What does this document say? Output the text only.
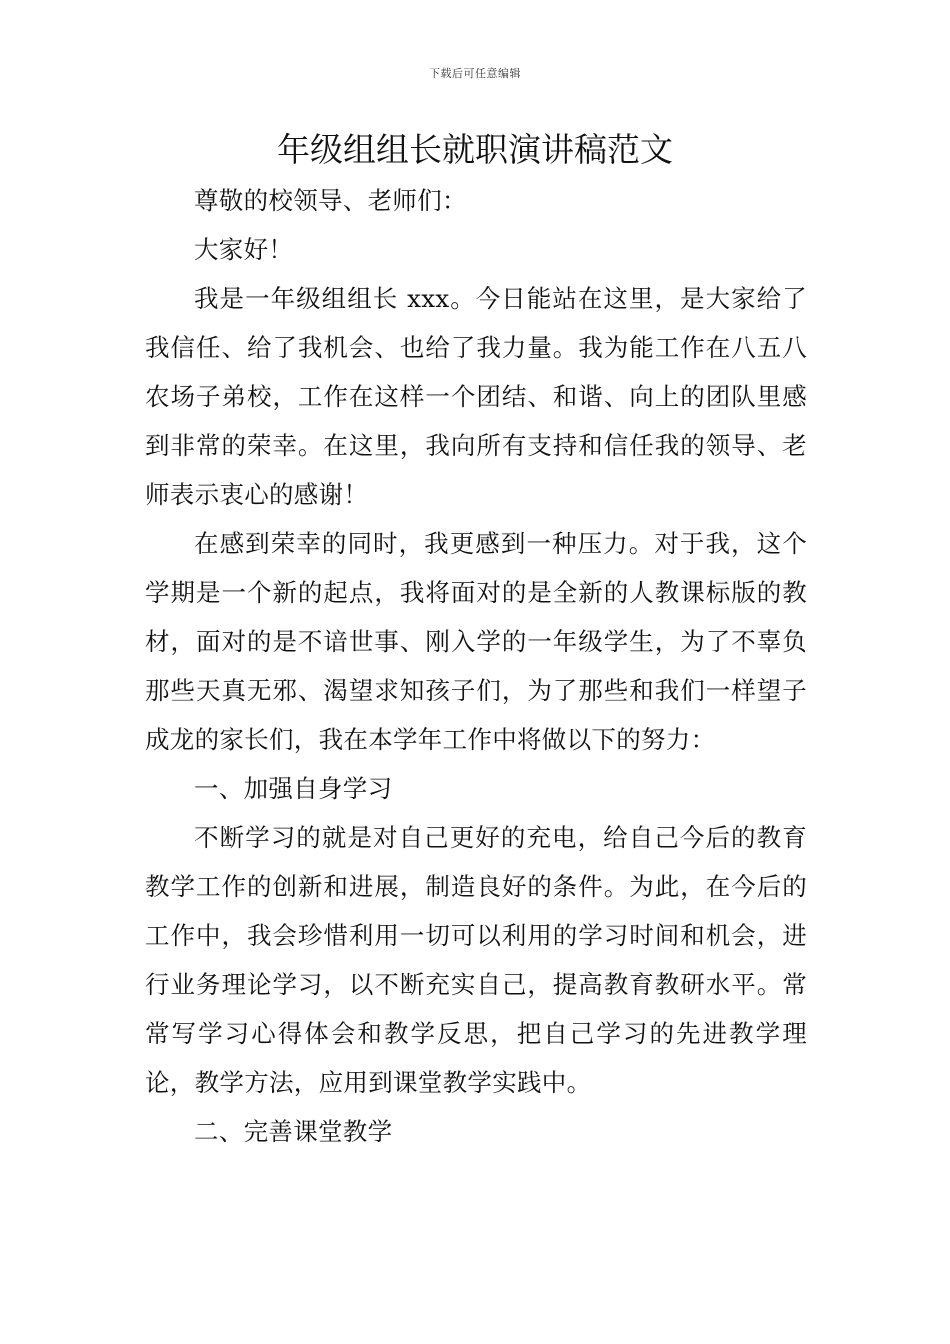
下载后可任意编辑
年级组组长就职演讲稿范文

尊敬的校领导、老师们：

大家好！

我是一年级组组长 xxx。今日能站在这里，是大家给了我信任、给了我机会、也给了我力量。我为能工作在八五八农场子弟校，工作在这样一个团结、和谐、向上的团队里感到非常的荣幸。在这里，我向所有支持和信任我的领导、老师表示衷心的感谢！

在感到荣幸的同时，我更感到一种压力。对于我，这个学期是一个新的起点，我将面对的是全新的人教课标版的教材，面对的是不谙世事、刚入学的一年级学生，为了不辜负那些天真无邪、渴望求知孩子们，为了那些和我们一样望子成龙的家长们，我在本学年工作中将做以下的努力：

一、加强自身学习

不断学习的就是对自己更好的充电，给自己今后的教育教学工作的创新和进展，制造良好的条件。为此，在今后的工作中，我会珍惜利用一切可以利用的学习时间和机会，进行业务理论学习，以不断充实自己，提高教育教研水平。常常写学习心得体会和教学反思，把自己学习的先进教学理论，教学方法，应用到课堂教学实践中。

二、完善课堂教学
